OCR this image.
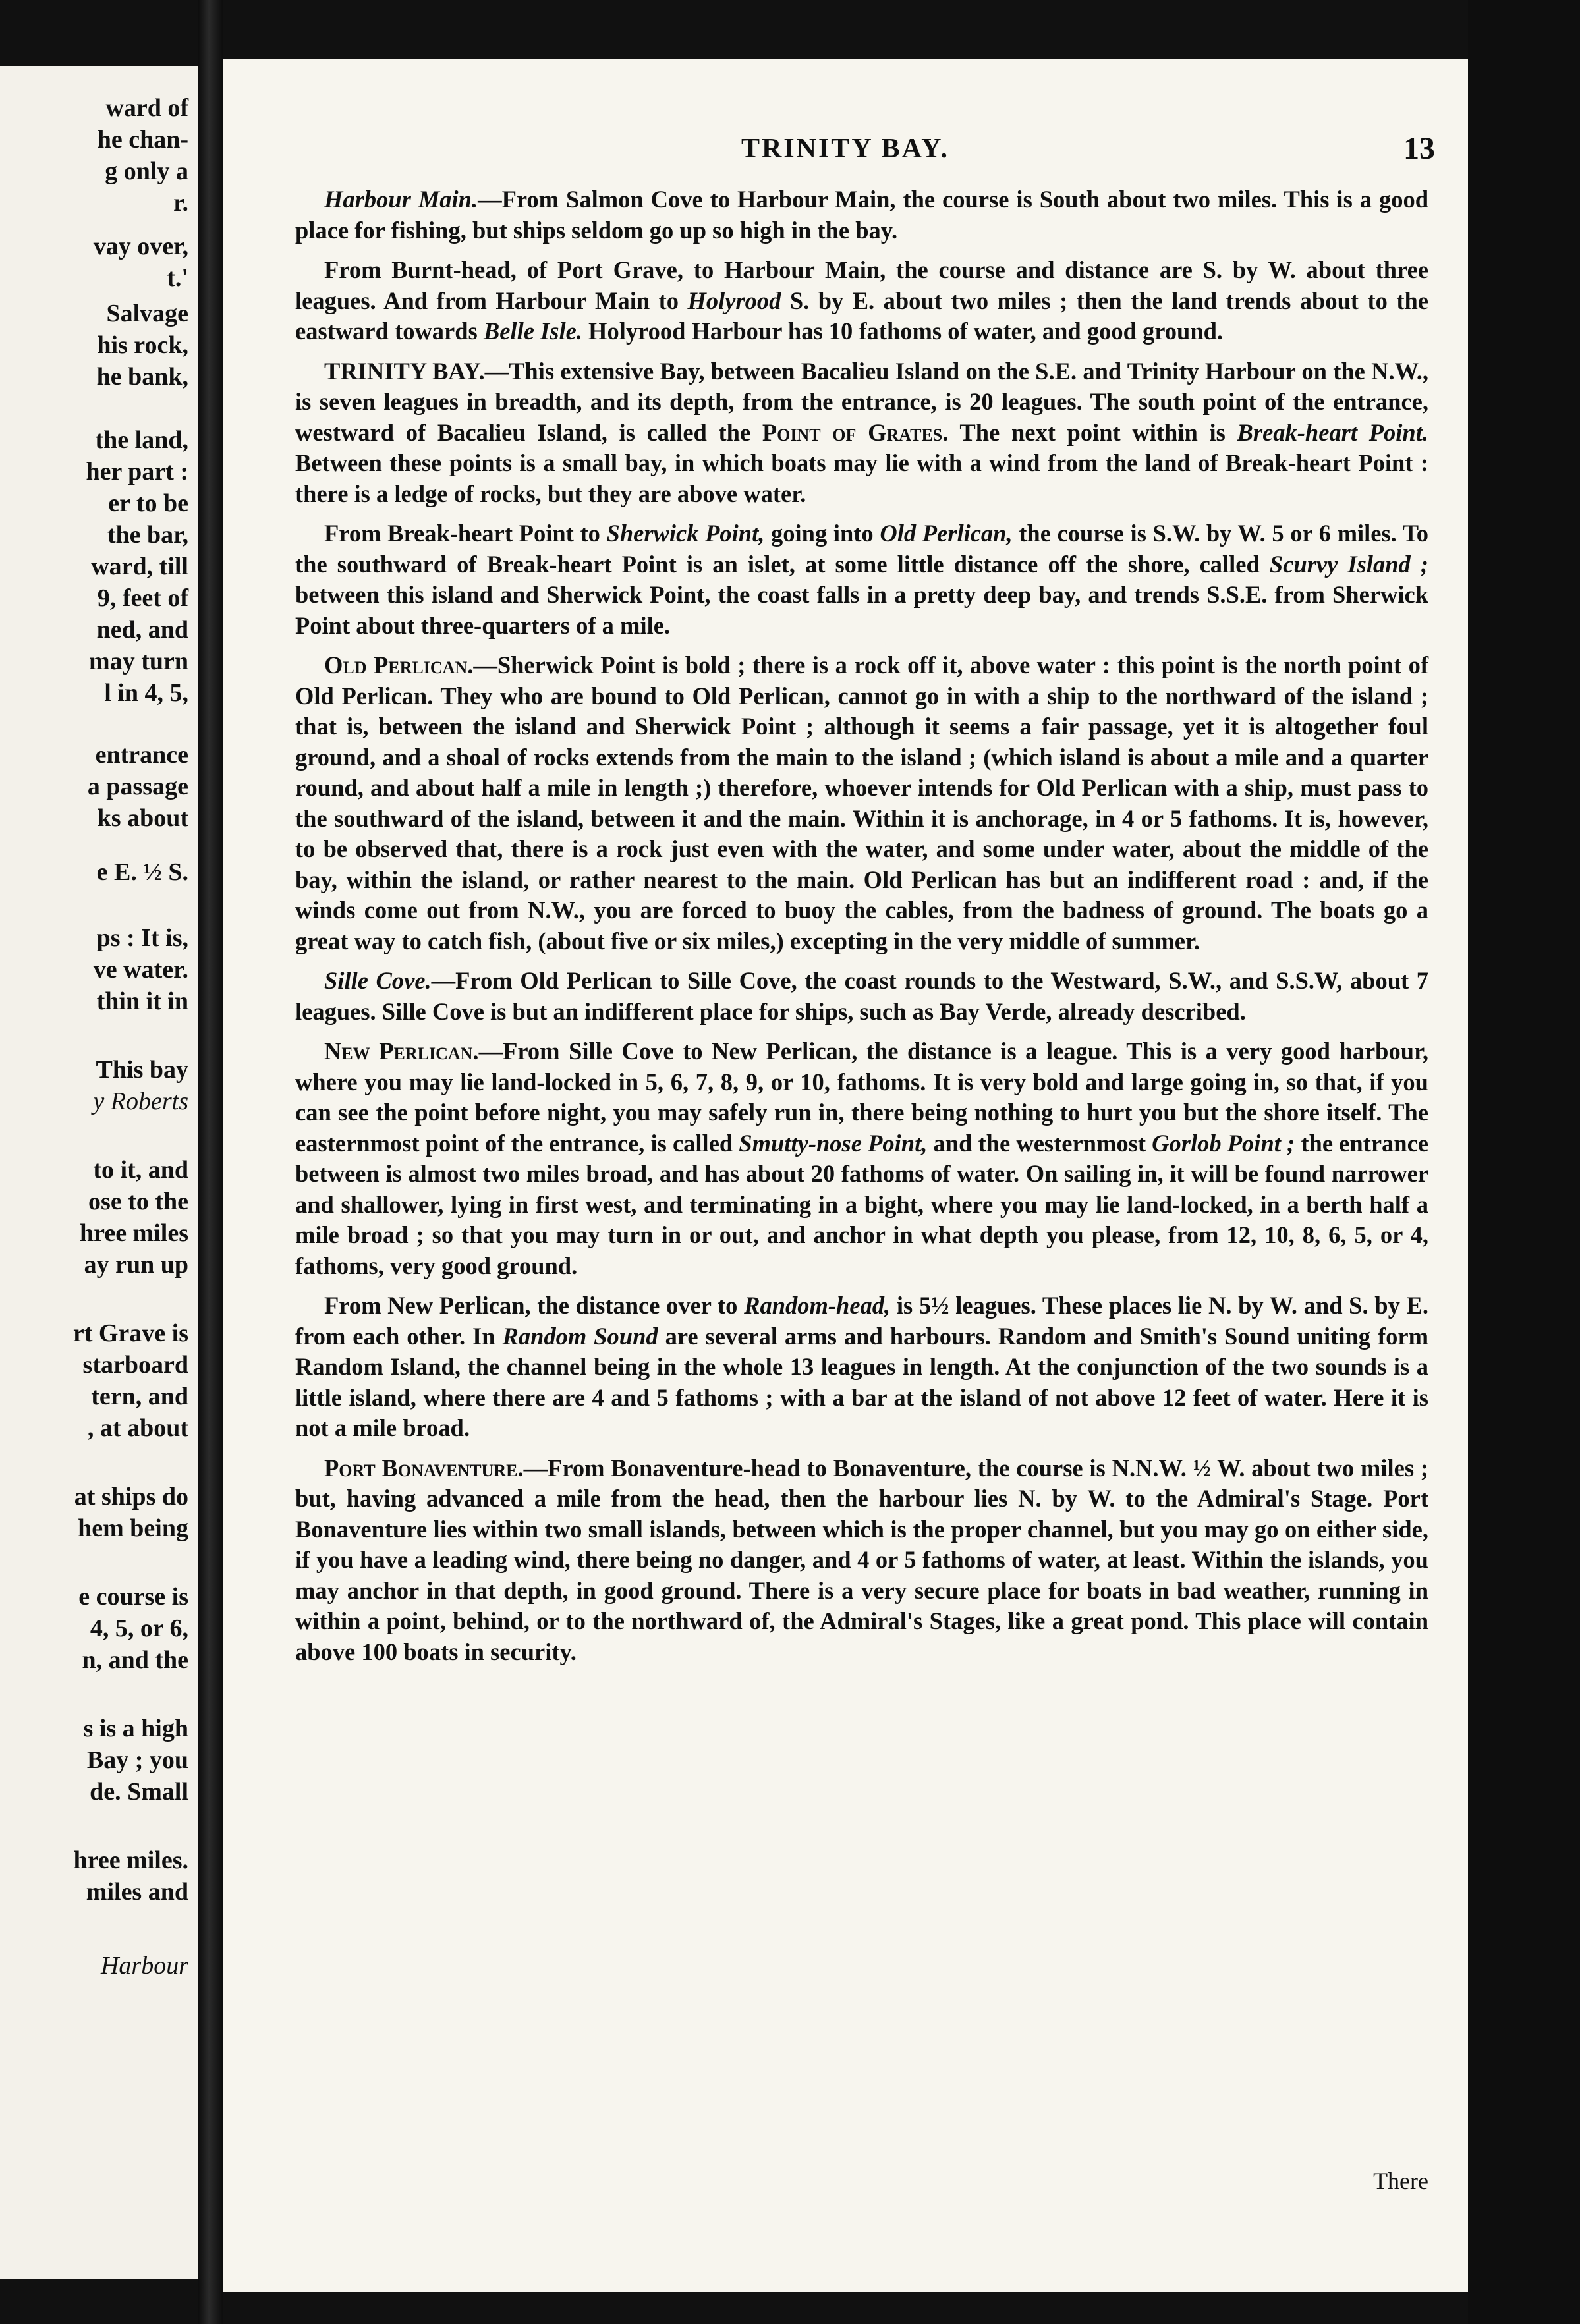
ward of
he chan-
g only a
r.
vay over,
t.'
Salvage
his rock,
he bank,
the land,
her part :
er to be
the bar,
ward, till
9, feet of
ned, and
may turn
l in 4, 5,
entrance
a passage
ks about
e E. ½ S.
ps : It is,
ve water.
thin it in
This bay
y Roberts
to it, and
ose to the
hree miles
ay run up
rt Grave is
starboard
tern, and
, at about
at ships do
hem being
e course is
4, 5, or 6,
n, and the
s is a high
Bay ; you
de. Small
hree miles.
miles and
Harbour
TRINITY BAY.	13

Harbour Main.—From Salmon Cove to Harbour Main, the course is South about two miles. This is a good place for fishing, but ships seldom go up so high in the bay.

From Burnt-head, of Port Grave, to Harbour Main, the course and distance are S. by W. about three leagues. And from Harbour Main to Holyrood S. by E. about two miles ; then the land trends about to the eastward towards Belle Isle. Holyrood Harbour has 10 fathoms of water, and good ground.

TRINITY BAY.—This extensive Bay, between Bacalieu Island on the S.E. and Trinity Harbour on the N.W., is seven leagues in breadth, and its depth, from the entrance, is 20 leagues. The south point of the entrance, westward of Bacalieu Island, is called the Point of Grates. The next point within is Break-heart Point. Between these points is a small bay, in which boats may lie with a wind from the land of Break-heart Point : there is a ledge of rocks, but they are above water.

From Break-heart Point to Sherwick Point, going into Old Perlican, the course is S.W. by W. 5 or 6 miles. To the southward of Break-heart Point is an islet, at some little distance off the shore, called Scurvy Island ; between this island and Sherwick Point, the coast falls in a pretty deep bay, and trends S.S.E. from Sherwick Point about three-quarters of a mile.

Old Perlican.—Sherwick Point is bold ; there is a rock off it, above water : this point is the north point of Old Perlican. They who are bound to Old Perlican, cannot go in with a ship to the northward of the island ; that is, between the island and Sherwick Point ; although it seems a fair passage, yet it is altogether foul ground, and a shoal of rocks extends from the main to the island ; (which island is about a mile and a quarter round, and about half a mile in length ;) therefore, whoever intends for Old Perlican with a ship, must pass to the southward of the island, between it and the main. Within it is anchorage, in 4 or 5 fathoms. It is, however, to be observed that, there is a rock just even with the water, and some under water, about the middle of the bay, within the island, or rather nearest to the main. Old Perlican has but an indifferent road : and, if the winds come out from N.W., you are forced to buoy the cables, from the badness of ground. The boats go a great way to catch fish, (about five or six miles,) excepting in the very middle of summer.

Sille Cove.—From Old Perlican to Sille Cove, the coast rounds to the Westward, S.W., and S.S.W, about 7 leagues. Sille Cove is but an indifferent place for ships, such as Bay Verde, already described.

New Perlican.—From Sille Cove to New Perlican, the distance is a league. This is a very good harbour, where you may lie land-locked in 5, 6, 7, 8, 9, or 10, fathoms. It is very bold and large going in, so that, if you can see the point before night, you may safely run in, there being nothing to hurt you but the shore itself. The easternmost point of the entrance, is called Smutty-nose Point, and the westernmost Gorlob Point ; the entrance between is almost two miles broad, and has about 20 fathoms of water. On sailing in, it will be found narrower and shallower, lying in first west, and terminating in a bight, where you may lie land-locked, in a berth half a mile broad ; so that you may turn in or out, and anchor in what depth you please, from 12, 10, 8, 6, 5, or 4, fathoms, very good ground.

From New Perlican, the distance over to Random-head, is 5½ leagues. These places lie N. by W. and S. by E. from each other. In Random Sound are several arms and harbours. Random and Smith's Sound uniting form Random Island, the channel being in the whole 13 leagues in length. At the conjunction of the two sounds is a little island, where there are 4 and 5 fathoms ; with a bar at the island of not above 12 feet of water. Here it is not a mile broad.

Port Bonaventure.—From Bonaventure-head to Bonaventure, the course is N.N.W. ½ W. about two miles ; but, having advanced a mile from the head, then the harbour lies N. by W. to the Admiral's Stage. Port Bonaventure lies within two small islands, between which is the proper channel, but you may go on either side, if you have a leading wind, there being no danger, and 4 or 5 fathoms of water, at least. Within the islands, you may anchor in that depth, in good ground. There is a very secure place for boats in bad weather, running in within a point, behind, or to the northward of, the Admiral's Stages, like a great pond. This place will contain above 100 boats in security.

There
